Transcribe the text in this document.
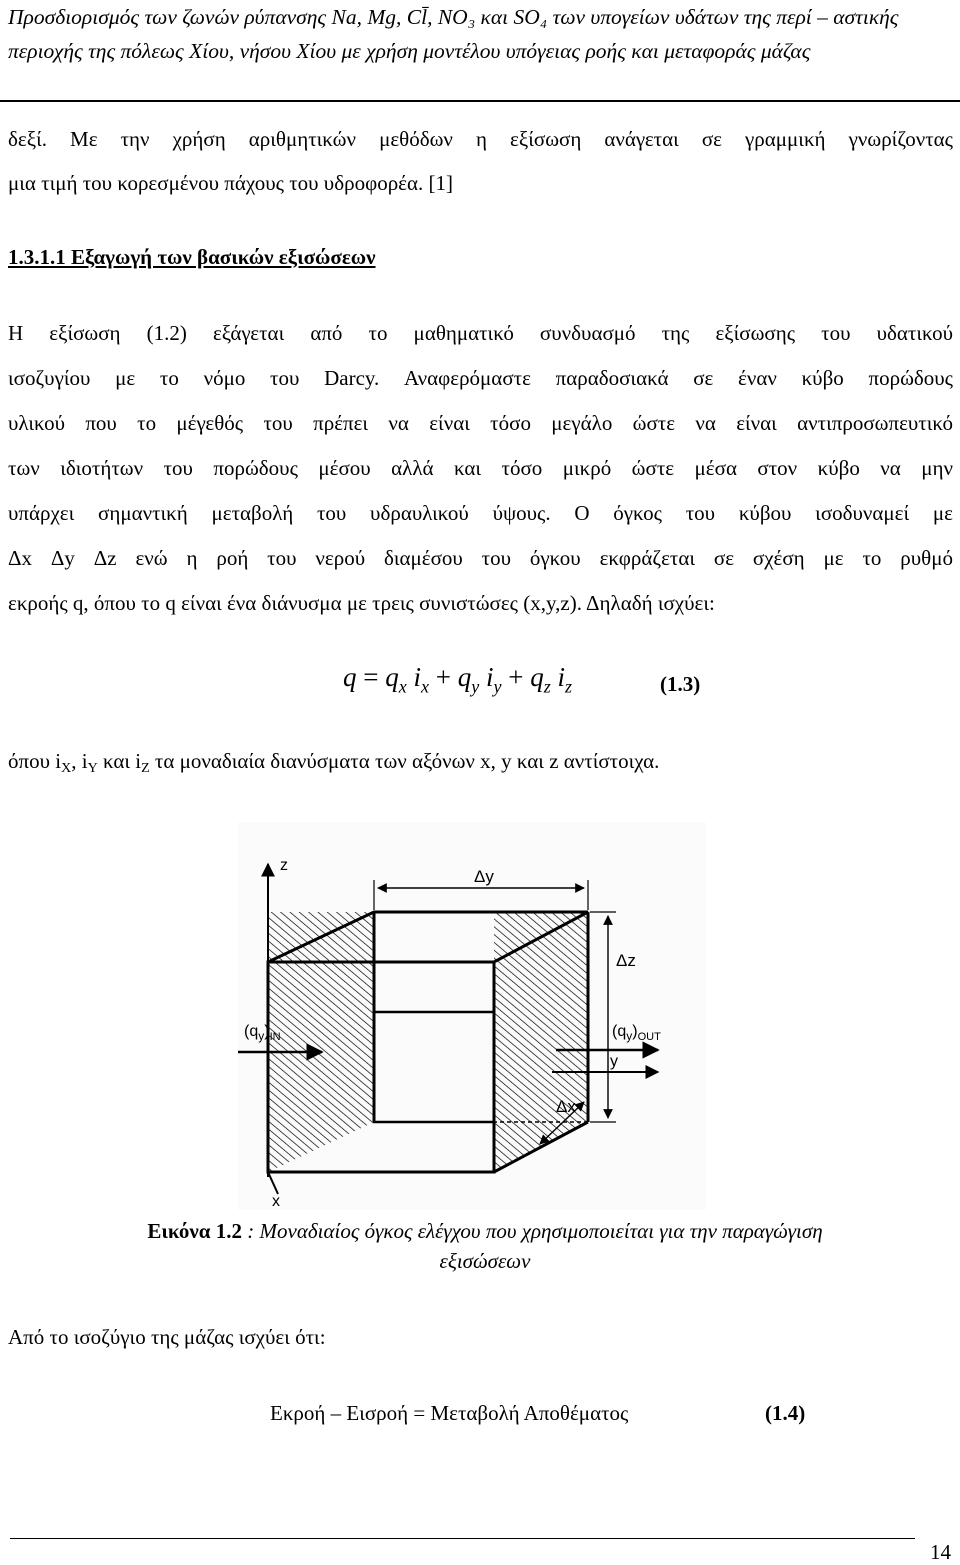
Προσδιορισμός των ζωνών ρύπανσης Na, Mg, Cl̄, NO₃ και SO₄ των υπογείων υδάτων της περί – αστικής περιοχής της πόλεως Χίου, νήσου Χίου με χρήση μοντέλου υπόγειας ροής και μεταφοράς μάζας
δεξί. Με την χρήση αριθμητικών μεθόδων η εξίσωση ανάγεται σε γραμμική γνωρίζοντας
μια τιμή του κορεσμένου πάχους του υδροφορέα. [1]
1.3.1.1 Εξαγωγή των βασικών εξισώσεων
Η εξίσωση (1.2) εξάγεται από το μαθηματικό συνδυασμό της εξίσωσης του υδατικού
ισοζυγίου με το νόμο του Darcy. Αναφερόμαστε παραδοσιακά σε έναν κύβο πορώδους
υλικού που το μέγεθός του πρέπει να είναι τόσο μεγάλο ώστε να είναι αντιπροσωπευτικό
των ιδιοτήτων του πορώδους μέσου αλλά και τόσο μικρό ώστε μέσα στον κύβο να μην
υπάρχει σημαντική μεταβολή του υδραυλικού ύψους. Ο όγκος του κύβου ισοδυναμεί με
Δx Δy Δz ενώ η ροή του νερού διαμέσου του όγκου εκφράζεται σε σχέση με το ρυθμό
εκροής q, όπου το q είναι ένα διάνυσμα με τρεις συνιστώσες (x,y,z). Δηλαδή ισχύει:
$q = q_x$ $i_x + q_y$ $i_y + q_z$ $i_z$	(1.3)
όπου $i_X$, $i_Y$ και $i_Z$ τα μοναδιαία διανύσματα των αξόνων x, y και z αντίστοιχα.
z
x
Δy
Δz
Δx
$(q_y)_{IN}$	$(q_y)_{OUT}$
y
Εικόνα 1.2 : Μοναδιαίος όγκος ελέγχου που χρησιμοποιείται για την παραγώγιση
εξισώσεων
Από το ισοζύγιο της μάζας ισχύει ότι:
Εκροή – Εισροή = Μεταβολή Αποθέματος	(1.4)
14
